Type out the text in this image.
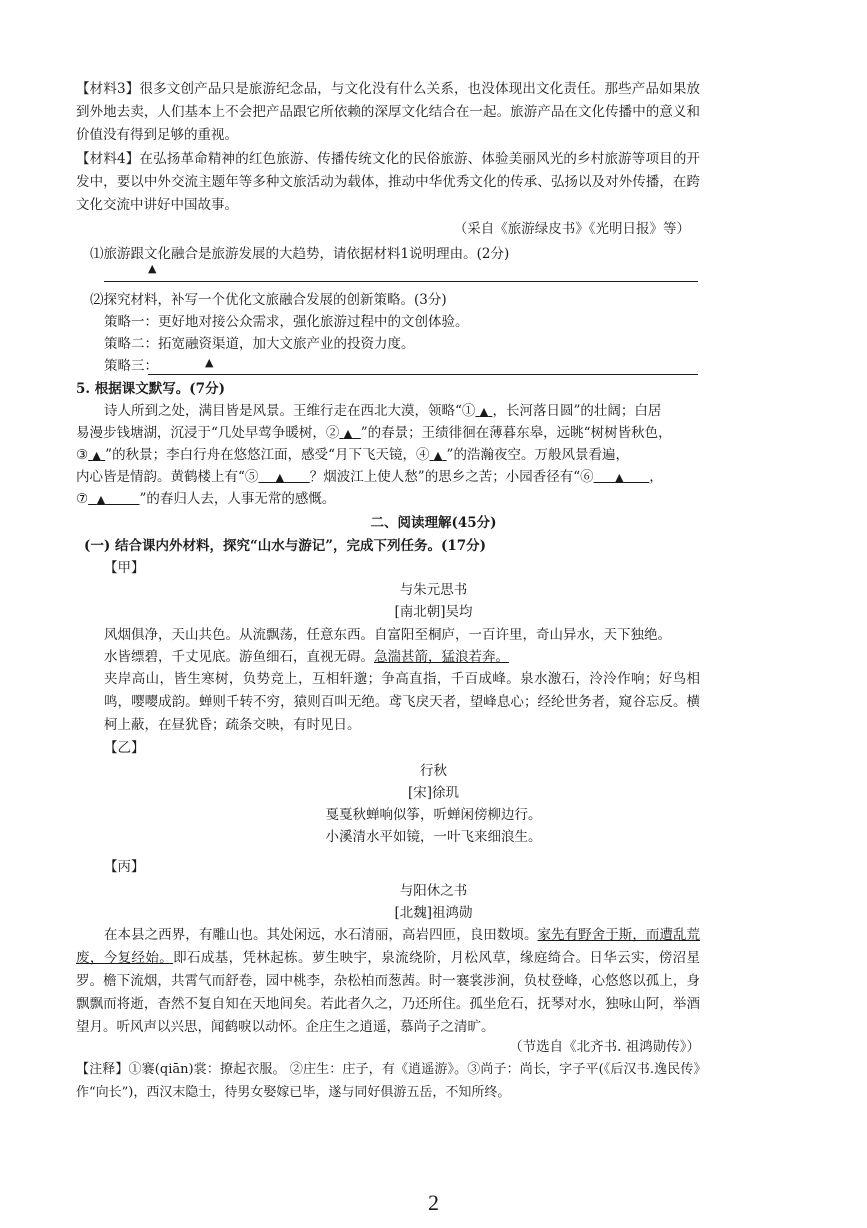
【材料3】很多文创产品只是旅游纪念品，与文化没有什么关系，也没体现出文化责任。那些产品如果放到外地去卖，人们基本上不会把产品跟它所依赖的深厚文化结合在一起。旅游产品在文化传播中的意义和价值没有得到足够的重视。
【材料4】在弘扬革命精神的红色旅游、传播传统文化的民俗旅游、体验美丽风光的乡村旅游等项目的开发中，要以中外交流主题年等多种文旅活动为载体，推动中华优秀文化的传承、弘扬以及对外传播，在跨文化交流中讲好中国故事。
（采自《旅游绿皮书》《光明日报》等）
⑴旅游跟文化融合是旅游发展的大趋势，请依据材料1说明理由。(2分)
▲
⑵探究材料，补写一个优化文旅融合发展的创新策略。(3分)
策略一：更好地对接公众需求，强化旅游过程中的文创体验。
策略二：拓宽融资渠道，加大文旅产业的投资力度。
策略三：	▲
5. 根据课文默写。(7分)
诗人所到之处，满目皆是风景。王维行走在西北大漠，领略“① ▲ ，长河落日圆”的壮阔；白居
易漫步钱塘湖，沉浸于“几处早莺争暖树，② ▲ ”的春景；王绩徘徊在薄暮东皋，远眺“树树皆秋色，
③ ▲ ”的秋景；李白行舟在悠悠江面，感受“月下飞天镜，④ ▲ ”的浩瀚夜空。万般风景看遍，
内心皆是情韵。黄鹤楼上有“⑤ ▲ ？烟波江上使人愁”的思乡之苦；小园香径有“⑥ ▲ ，
⑦ ▲	”的春归人去，人事无常的感慨。
二、阅读理解(45分)
(一) 结合课内外材料，探究“山水与游记”，完成下列任务。(17分)
【甲】
与朱元思书
[南北朝]吴均
风烟俱净，天山共色。从流飘荡，任意东西。自富阳至桐庐，一百许里，奇山异水，天下独绝。
水皆缥碧，千丈见底。游鱼细石，直视无碍。急湍甚箭，猛浪若奔。
夹岸高山，皆生寒树，负势竞上，互相轩邈；争高直指，千百成峰。泉水激石，泠泠作响；好鸟相鸣，嘤嘤成韵。蝉则千转不穷，猿则百叫无绝。鸢飞戾天者，望峰息心；经纶世务者，窥谷忘反。横柯上蔽，在昼犹昏；疏条交映，有时见日。
【乙】
行秋
[宋]徐玑
戛戛秋蝉响似筝，听蝉闲傍柳边行。
小溪清水平如镜，一叶飞来细浪生。
【丙】
与阳休之书
[北魏]祖鸿勋
在本县之西界，有雕山也。其处闲远，水石清丽，高岩四匝，良田数顷。家先有野舍于斯，而遭乱荒废，今复经始。即石成基，凭林起栋。萝生映宇，泉流绕阶，月松风草，缘庭绮合。日华云实，傍沼星罗。檐下流烟，共霄气而舒卷，园中桃李，杂松柏而葱茜。时一褰裳涉涧，负杖登峰，心悠悠以孤上，身飘飘而将逝，杳然不复自知在天地间矣。若此者久之，乃还所住。孤坐危石，抚琴对水，独咏山阿，举酒望月。听风声以兴思，闻鹤唳以动怀。企庄生之逍遥，慕尚子之清旷。
（节选自《北齐书. 祖鸿勋传》）
【注释】①褰(qiān)裳：撩起衣服。 ②庄生：庄子，有《逍遥游》。③尚子：尚长，字子平(《后汉书.逸民传》作“向长”)，西汉末隐士，待男女娶嫁已毕，遂与同好俱游五岳，不知所终。
2
